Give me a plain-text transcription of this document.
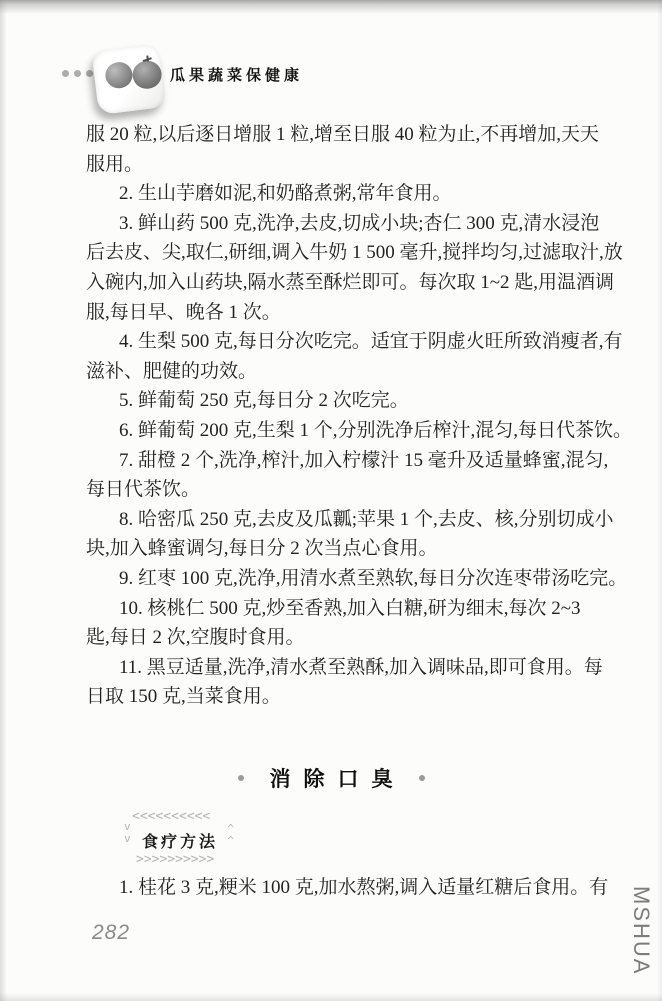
瓜果蔬菜保健康
服 20 粒,以后逐日增服 1 粒,增至日服 40 粒为止,不再增加,天天
服用。
2. 生山芋磨如泥,和奶酪煮粥,常年食用。
3. 鲜山药 500 克,洗净,去皮,切成小块;杏仁 300 克,清水浸泡
后去皮、尖,取仁,研细,调入牛奶 1 500 毫升,搅拌均匀,过滤取汁,放
入碗内,加入山药块,隔水蒸至酥烂即可。每次取 1~2 匙,用温酒调
服,每日早、晚各 1 次。
4. 生梨 500 克,每日分次吃完。适宜于阴虚火旺所致消瘦者,有
滋补、肥健的功效。
5. 鲜葡萄 250 克,每日分 2 次吃完。
6. 鲜葡萄 200 克,生梨 1 个,分别洗净后榨汁,混匀,每日代茶饮。
7. 甜橙 2 个,洗净,榨汁,加入柠檬汁 15 毫升及适量蜂蜜,混匀,
每日代茶饮。
8. 哈密瓜 250 克,去皮及瓜瓤;苹果 1 个,去皮、核,分别切成小
块,加入蜂蜜调匀,每日分 2 次当点心食用。
9. 红枣 100 克,洗净,用清水煮至熟软,每日分次连枣带汤吃完。
10. 核桃仁 500 克,炒至香熟,加入白糖,研为细末,每次 2~3
匙,每日 2 次,空腹时食用。
11. 黑豆适量,洗净,清水煮至熟酥,加入调味品,即可食用。每
日取 150 克,当菜食用。
消除口臭
<<<<<<<<<<
v
v
^
^
>>>>>>>>>>
食疗方法
1. 桂花 3 克,粳米 100 克,加水熬粥,调入适量红糖后食用。有
282	MSHUA
